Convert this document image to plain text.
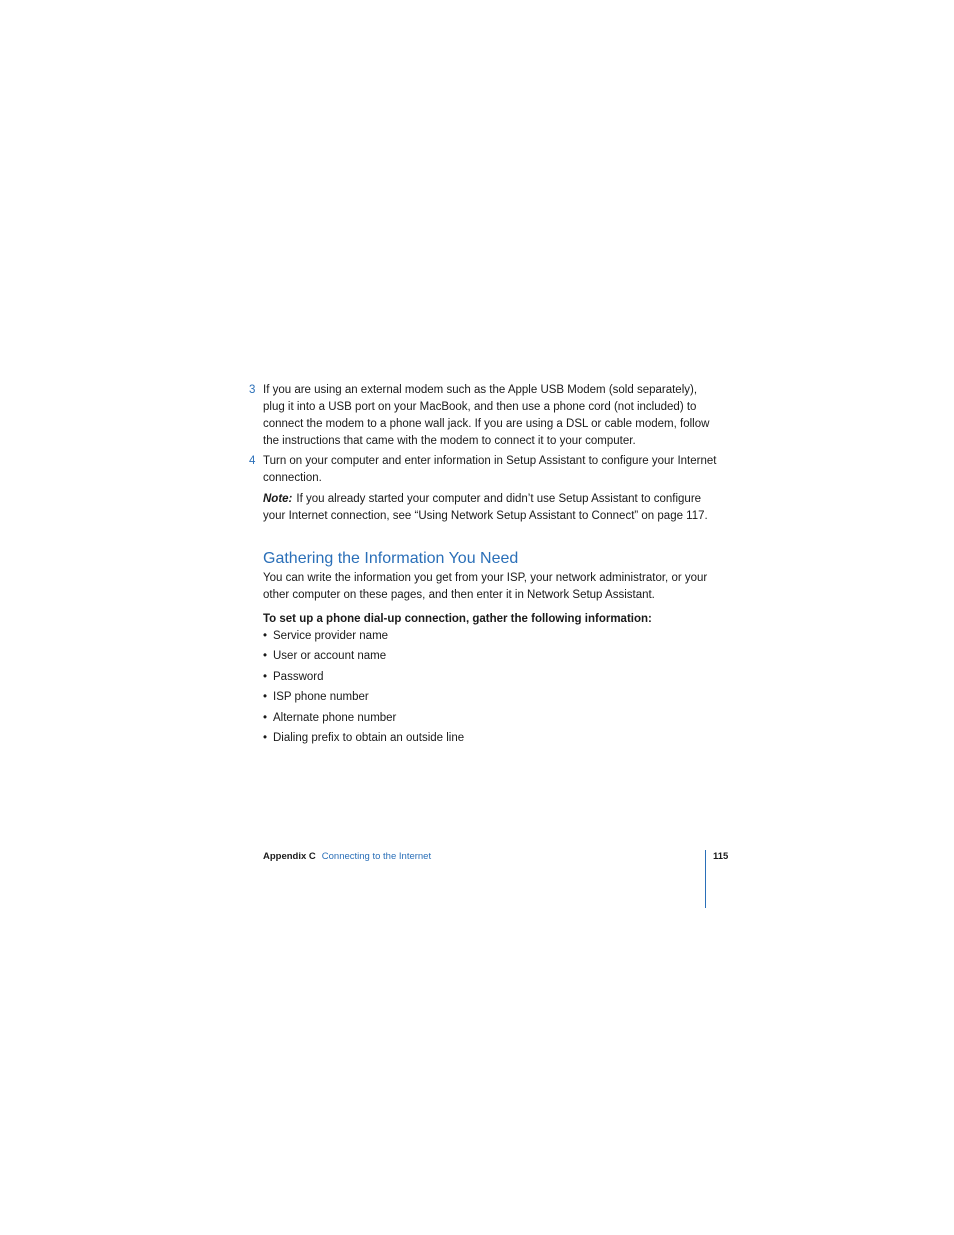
3 If you are using an external modem such as the Apple USB Modem (sold separately), plug it into a USB port on your MacBook, and then use a phone cord (not included) to connect the modem to a phone wall jack. If you are using a DSL or cable modem, follow the instructions that came with the modem to connect it to your computer.
4 Turn on your computer and enter information in Setup Assistant to configure your Internet connection.
Note: If you already started your computer and didn’t use Setup Assistant to configure your Internet connection, see “Using Network Setup Assistant to Connect” on page 117.
Gathering the Information You Need

You can write the information you get from your ISP, your network administrator, or your other computer on these pages, and then enter it in Network Setup Assistant.

To set up a phone dial-up connection, gather the following information:

• Service provider name
• User or account name
• Password
• ISP phone number
• Alternate phone number
• Dialing prefix to obtain an outside line
Appendix C Connecting to the Internet	115
